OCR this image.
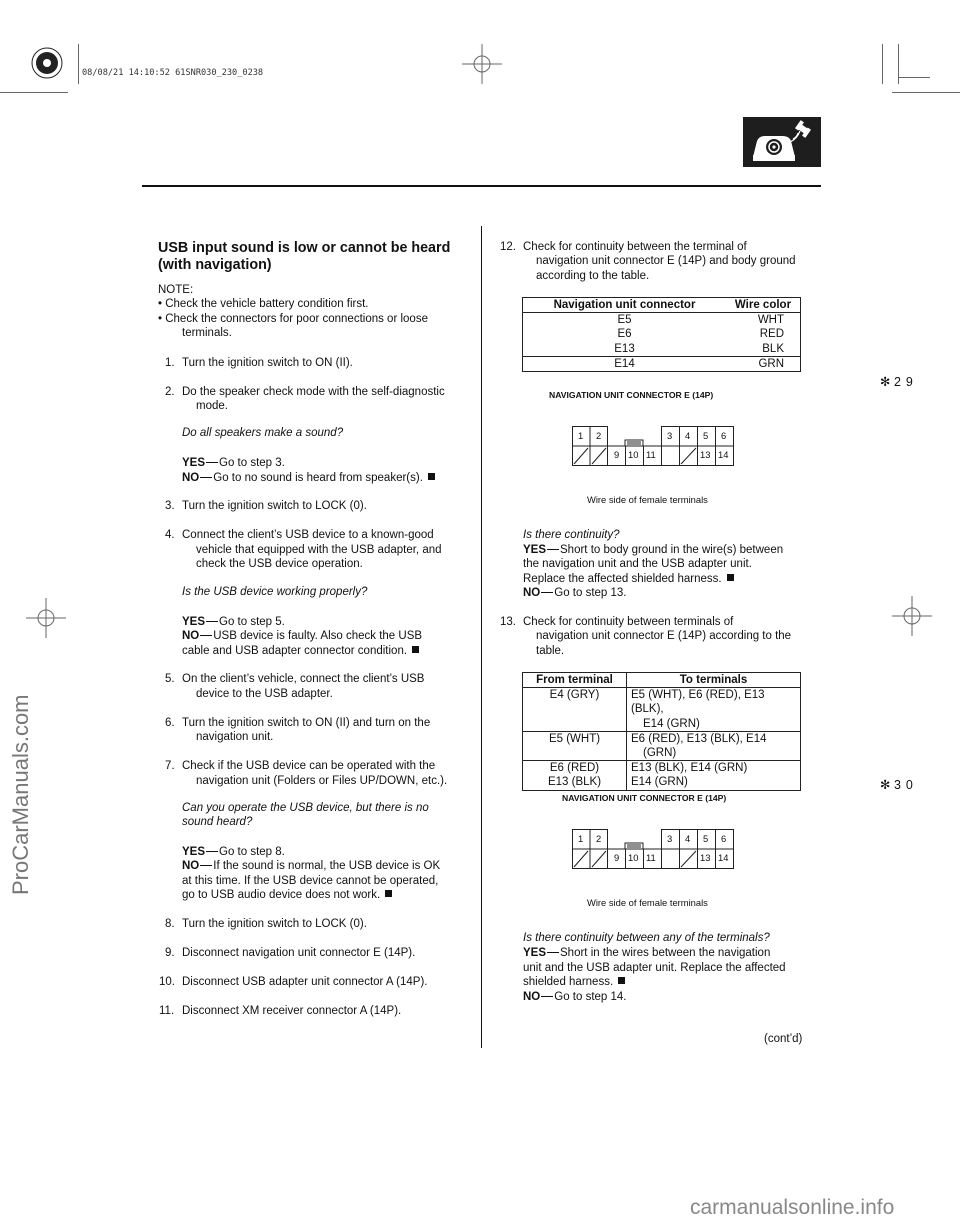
08/08/21 14:10:52 61SNR030_230_0238
ProCarManuals.com
carmanualsonline.info
USB input sound is low or cannot be heard
(with navigation)
NOTE:
• Check the vehicle battery condition first.
• Check the connectors for poor connections or loose
terminals.
1. Turn the ignition switch to ON (II).
2. Do the speaker check mode with the self-diagnostic
mode.
Do all speakers make a sound?
YES Go to step 3.
NO Go to no sound is heard from speaker(s).
3. Turn the ignition switch to LOCK (0).
4. Connect the client’s USB device to a known-good
vehicle that equipped with the USB adapter, and
check the USB device operation.
Is the USB device working properly?
YES Go to step 5.
NO USB device is faulty. Also check the USB
cable and USB adapter connector condition.
5. On the client’s vehicle, connect the client’s USB
device to the USB adapter.
6. Turn the ignition switch to ON (II) and turn on the
navigation unit.
7. Check if the USB device can be operated with the
navigation unit (Folders or Files UP/DOWN, etc.).
Can you operate the USB device, but there is no
sound heard?
YES Go to step 8.
NO If the sound is normal, the USB device is OK
at this time. If the USB device cannot be operated,
go to USB audio device does not work.
8. Turn the ignition switch to LOCK (0).
9. Disconnect navigation unit connector E (14P).
10. Disconnect USB adapter unit connector A (14P).
11. Disconnect XM receiver connector A (14P).
12. Check for continuity between the terminal of
navigation unit connector E (14P) and body ground
according to the table.
Navigation unit connector	Wire color
E5	WHT
E6	RED
E13	BLK
E14	GRN
NAVIGATION UNIT CONNECTOR E (14P)
1 2	3 4 5 6
9 10 11	13 14
Wire side of female terminals
Is there continuity?
YES Short to body ground in the wire(s) between
the navigation unit and the USB adapter unit.
Replace the affected shielded harness.
NO Go to step 13.
13. Check for continuity between terminals of
navigation unit connector E (14P) according to the
table.
From terminal	To terminals
E4 (GRY)	E5 (WHT), E6 (RED), E13 (BLK),
E14 (GRN)

E5 (WHT)	E6 (RED), E13 (BLK), E14
(GRN)

E6 (RED)	E13 (BLK), E14 (GRN)
E13 (BLK)	E14 (GRN)
NAVIGATION UNIT CONNECTOR E (14P)
1 2	3 4 5 6
9 10 11	13 14
Wire side of female terminals
Is there continuity between any of the terminals?
YES Short in the wires between the navigation
unit and the USB adapter unit. Replace the affected
shielded harness.
NO Go to step 14.
(cont’d)
✻ 29
✻ 30
